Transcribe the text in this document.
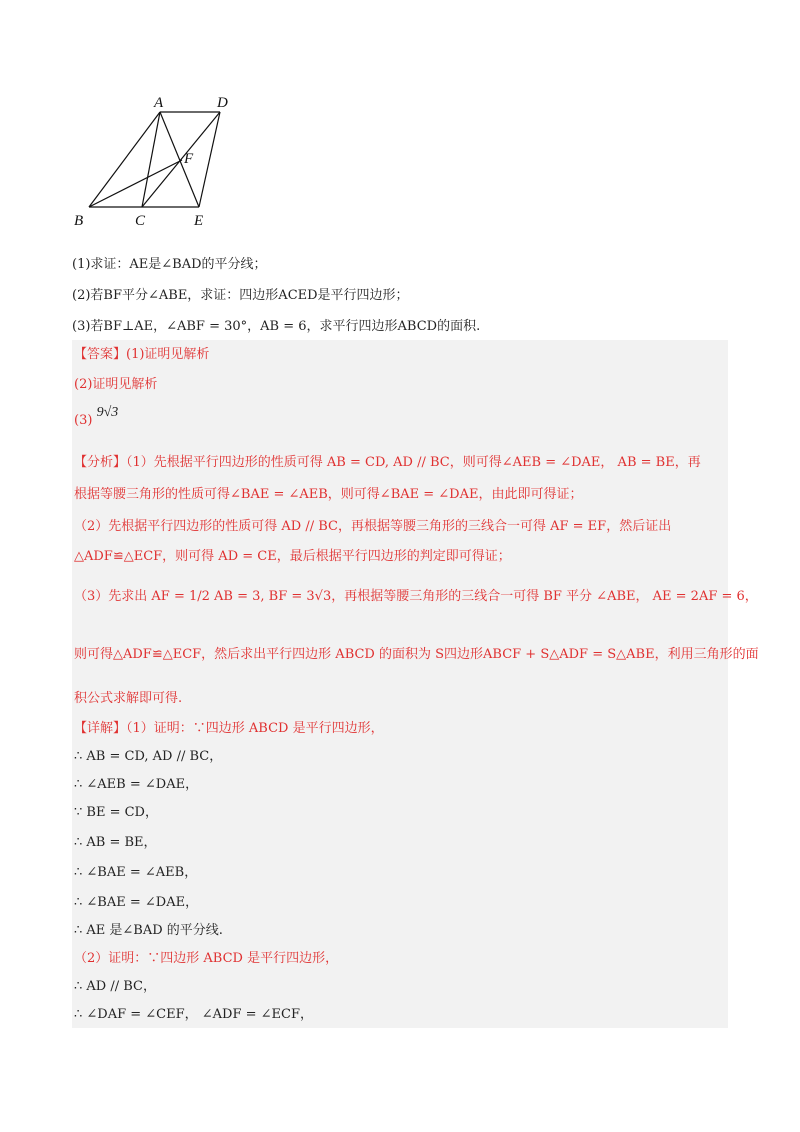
A	D
F
B	C	E
(1)求证：AE是∠BAD的平分线；
(2)若BF平分∠ABE，求证：四边形ACED是平行四边形；
(3)若BF⊥AE，∠ABF = 30°，AB = 6，求平行四边形ABCD的面积.
【答案】(1)证明见解析
(2)证明见解析
(3) 9√3
【分析】（1）先根据平行四边形的性质可得 AB = CD, AD // BC，则可得∠AEB = ∠DAE， AB = BE，再
根据等腰三角形的性质可得∠BAE = ∠AEB，则可得∠BAE = ∠DAE，由此即可得证；
（2）先根据平行四边形的性质可得 AD // BC，再根据等腰三角形的三线合一可得 AF = EF，然后证出
△ADF≌△ECF，则可得 AD = CE，最后根据平行四边形的判定即可得证；
（3）先求出 AF = 1/2 AB = 3, BF = 3√3，再根据等腰三角形的三线合一可得 BF 平分 ∠ABE， AE = 2AF = 6，
则可得△ADF≌△ECF，然后求出平行四边形 ABCD 的面积为 S四边形ABCF + S△ADF = S△ABE，利用三角形的面
积公式求解即可得.
【详解】（1）证明：∵四边形 ABCD 是平行四边形，
∴ AB = CD, AD // BC，
∴ ∠AEB = ∠DAE，
∵ BE = CD，
∴ AB = BE，
∴ ∠BAE = ∠AEB，
∴ ∠BAE = ∠DAE，
∴ AE 是∠BAD 的平分线.
（2）证明：∵四边形 ABCD 是平行四边形，
∴ AD // BC，
∴ ∠DAF = ∠CEF， ∠ADF = ∠ECF，
